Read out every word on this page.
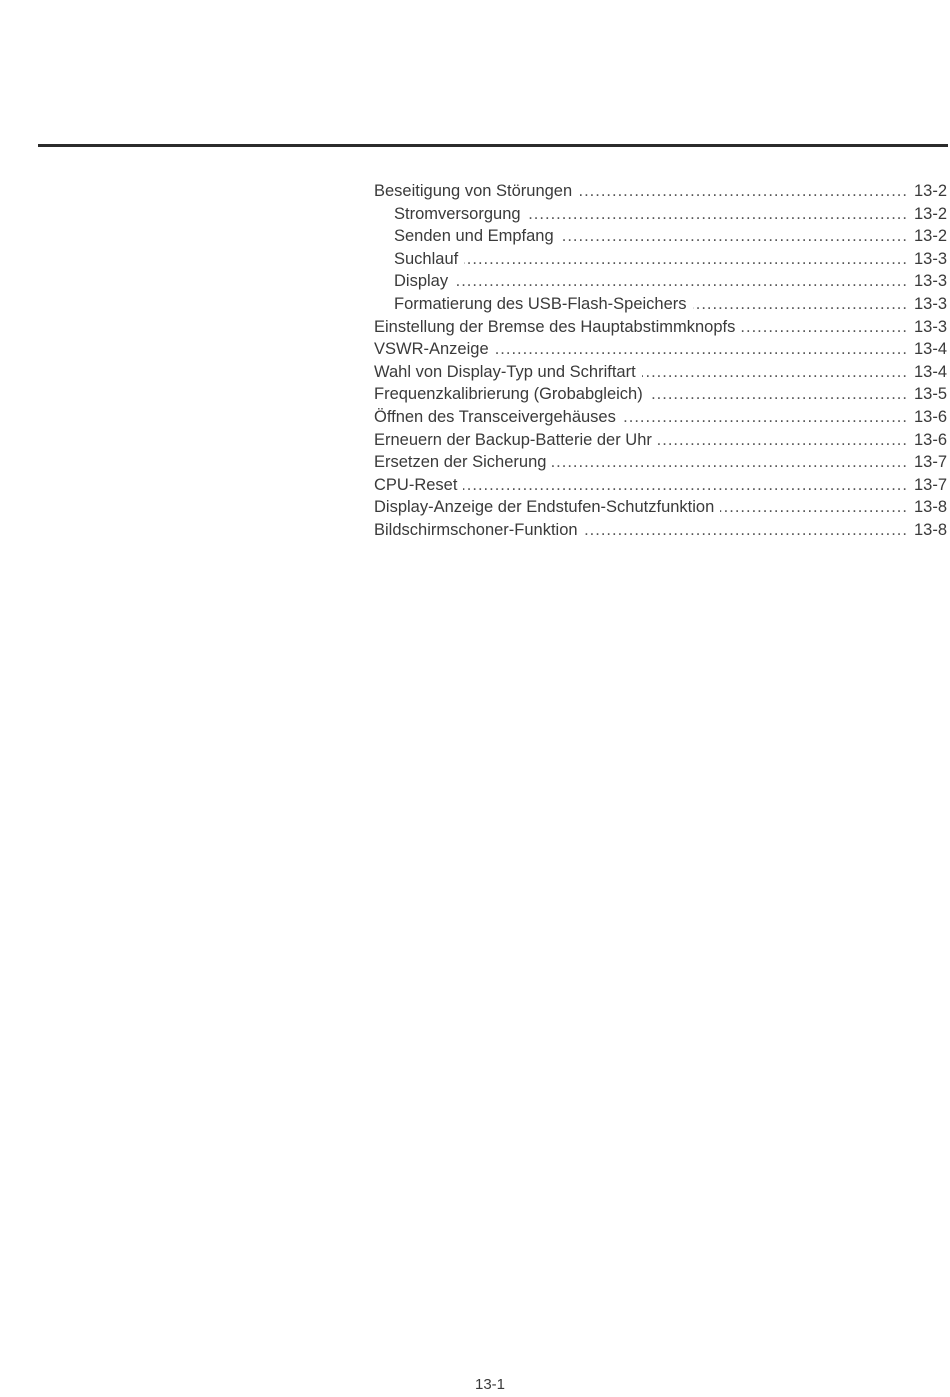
Beseitigung von Störungen .....	13-2
Stromversorgung .....	13-2
Senden und Empfang .....	13-2
Suchlauf .....	13-3
Display .....	13-3
Formatierung des USB-Flash-Speichers .....	13-3
Einstellung der Bremse des Hauptabstimmknopfs .....	13-3
VSWR-Anzeige .....	13-4
Wahl von Display-Typ und Schriftart .....	13-4
Frequenzkalibrierung (Grobabgleich) .....	13-5
Öffnen des Transceivergehäuses .....	13-6
Erneuern der Backup-Batterie der Uhr .....	13-6
Ersetzen der Sicherung .....	13-7
CPU-Reset .....	13-7
Display-Anzeige der Endstufen-Schutzfunktion .....	13-8
Bildschirmschoner-Funktion .....	13-8
13-1
